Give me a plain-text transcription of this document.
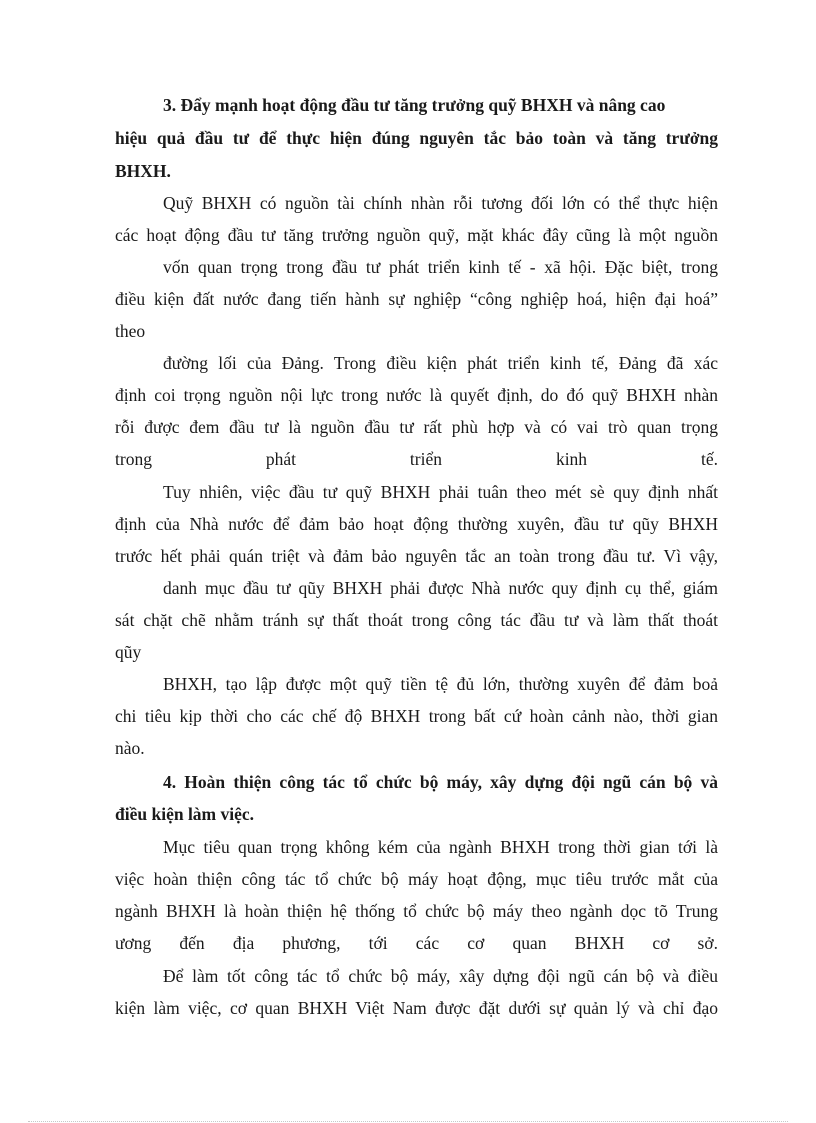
3. Đẩy mạnh hoạt động đầu tư tăng trưởng quỹ BHXH và nâng cao
hiệu quả đầu tư để thực hiện đúng nguyên tắc bảo toàn và tăng trưởng
BHXH.
Quỹ BHXH có nguồn tài chính nhàn rỗi tương đối lớn có thể thực hiện
các hoạt động đầu tư tăng trưởng nguồn quỹ, mặt khác đây cũng là một nguồn
vốn quan trọng trong đầu tư phát triển kinh tế - xã hội. Đặc biệt, trong
điều kiện đất nước đang tiến hành sự nghiệp “công nghiệp hoá, hiện đại hoá”
theo
đường lối của Đảng. Trong điều kiện phát triển kinh tế, Đảng đã xác
định coi trọng nguồn nội lực trong nước là quyết định, do đó quỹ BHXH nhàn
rỗi được đem đầu tư là nguồn đầu tư rất phù hợp và có vai trò quan trọng
trong phát triển kinh tế.
Tuy nhiên, việc đầu tư quỹ BHXH phải tuân theo mét sè quy định nhất
định của Nhà nước để đảm bảo hoạt động thường xuyên, đầu tư qũy BHXH
trước hết phải quán triệt và đảm bảo nguyên tắc an toàn trong đầu tư. Vì vậy,
danh mục đầu tư qũy BHXH phải được Nhà nước quy định cụ thể, giám
sát chặt chẽ nhằm tránh sự thất thoát trong công tác đầu tư và làm thất thoát
qũy
BHXH, tạo lập được một quỹ tiền tệ đủ lớn, thường xuyên để đảm boả
chi tiêu kịp thời cho các chế độ BHXH trong bất cứ hoàn cảnh nào, thời gian
nào.
4. Hoàn thiện công tác tổ chức bộ máy, xây dựng đội ngũ cán bộ và
điều kiện làm việc.
Mục tiêu quan trọng không kém của ngành BHXH trong thời gian tới là
việc hoàn thiện công tác tổ chức bộ máy hoạt động, mục tiêu trước mắt của
ngành BHXH là hoàn thiện hệ thống tổ chức bộ máy theo ngành dọc tõ Trung
ương đến địa phương, tới các cơ quan BHXH cơ sở.
Để làm tốt công tác tổ chức bộ máy, xây dựng đội ngũ cán bộ và điều
kiện làm việc, cơ quan BHXH Việt Nam được đặt dưới sự quản lý và chỉ đạo
